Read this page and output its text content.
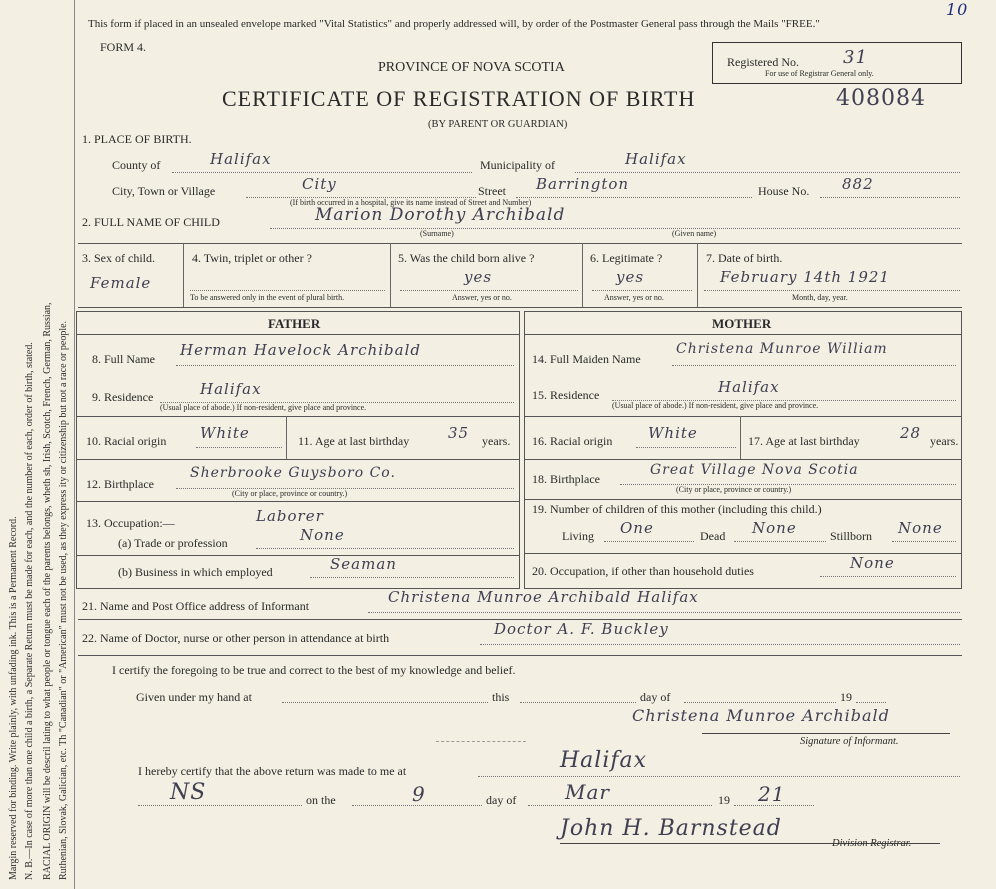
Margin reserved for binding. Write plainly, with unfading ink. This is a Permanent Record. N. B.—In case of more than one child a birth, a Separate Return must be made for each, and the number of each, order of birth, stated. RACIAL ORIGIN will be descril lating to what people or tongue each of the parents belongs, wheth sh, Irish, Scotch, French, German, Russian, Ruthenian, Slovak, Galician, etc. Th "Canadian" or "American" must not be used, as they express ity or citizenship but not a race or people.
This form if placed in an unsealed envelope marked "Vital Statistics" and properly addressed will, by order of the Postmaster General pass through the Mails "FREE."
10
FORM 4.
PROVINCE OF NOVA SCOTIA	Registered No. 31
For use of Registrar General only.
CERTIFICATE OF REGISTRATION OF BIRTH	408084
(BY PARENT OR GUARDIAN)
1. PLACE OF BIRTH.
County of	Halifax	Municipality of	Halifax
City, Town or Village	City	Street Barrington	House No. 882
(If birth occurred in a hospital, give its name instead of Street and Number)
2. FULL NAME OF CHILD	Marion Dorothy Archibald
(Surname)	(Given name)
3. Sex of child.
Female
4. Twin, triplet or other ?
To be answered only in the event of plural birth.
5. Was the child born alive ?
yes
Answer, yes or no.
6. Legitimate ?
yes
Answer, yes or no.
7. Date of birth.
February 14th 1921
Month, day, year.
FATHER	MOTHER
8. Full Name Herman Havelock Archibald	14. Full Maiden Name
Christena Munroe William
9. Residence	Halifax
(Usual place of abode.) If non-resident, give place and province.
15. Residence	Halifax
(Usual place of abode.) If non-resident, give place and province.
10. Racial origin White	11. Age at last birthday	35 years. 16. Racial origin White	17. Age at last birthday	28 years.
12. Birthplace
Sherbrooke Guysboro Co.
(City or place, province or country.)
18. Birthplace
Great Village Nova Scotia
(City or place, province or country.)
13. Occupation:—	Laborer
(a) Trade or profession	None
19. Number of children of this mother (including this child.)
Living One	Dead None	Stillborn None
(b) Business in which employed	Seaman	20. Occupation, if other than household duties	None
21. Name and Post Office address of Informant	Christena Munroe Archibald Halifax
22. Name of Doctor, nurse or other person in attendance at birth	Doctor A. F. Buckley
I certify the foregoing to be true and correct to the best of my knowledge and belief.
Given under my hand at	this	day of	19
Christena Munroe Archibald
Signature of Informant.
I hereby certify that the above return was made to me at	Halifax
NS	on the	9	day of Mar	19 21
John H. Barnstead
Division Registrar.
